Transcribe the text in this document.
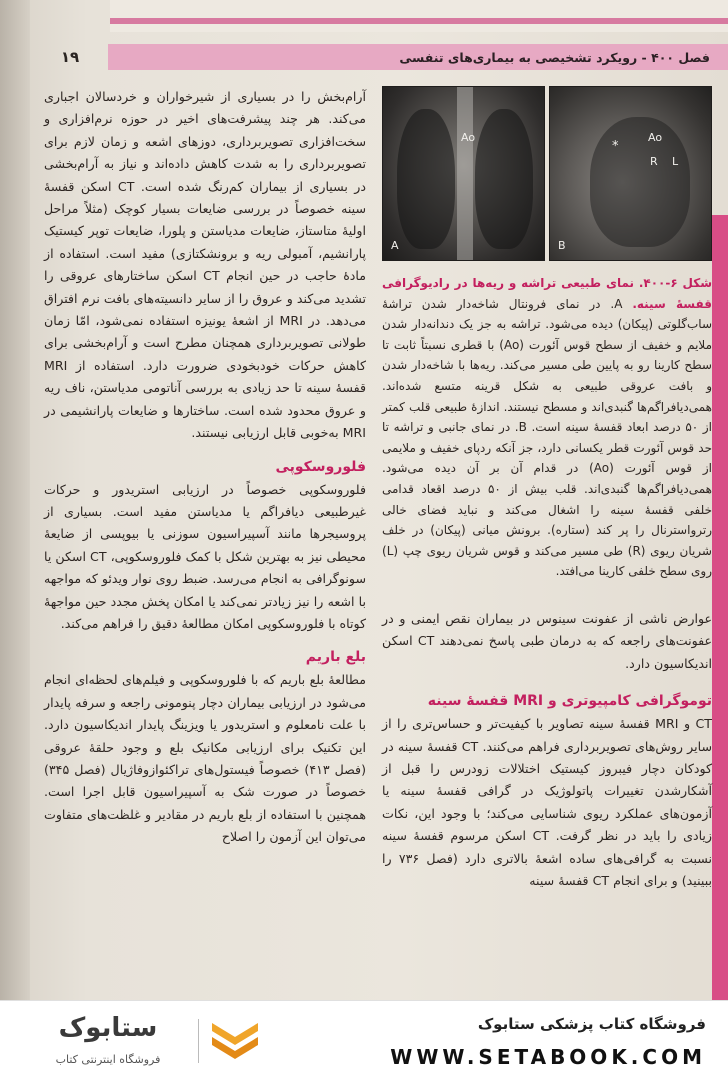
فصل ۴۰۰ - رویکرد تشخیصی به بیماری‌های تنفسی
۱۹
B
Ao
R L
*
A
Ao

شکل ۶-۴۰۰. نمای طبیعی تراشه و ریه‌ها در رادیوگرافی قفسهٔ سینه. A. در نمای فرونتال شاخه‌دار شدن تراشهٔ ساب‌گلوتی (پیکان) دیده می‌شود. تراشه به جز یک دندانه‌دار شدن ملایم و خفیف از سطح قوس آئورت (Ao) با قطری نسبتاً ثابت تا سطح کارینا رو به پایین طی مسیر می‌کند. ریه‌ها با شاخه‌دار شدن و بافت عروقی طبیعی به شکل قرینه متسع شده‌اند. همی‌دیافراگم‌ها گنبدی‌اند و مسطح نیستند. اندازهٔ طبیعی قلب کمتر از ۵۰ درصد ابعاد قفسهٔ سینه است. B. در نمای جانبی و تراشه تا حد قوس آئورت قطر یکسانی دارد، جز آنکه ردپای خفیف و ملایمی از قوس آئورت (Ao) در قدام آن بر آن دیده می‌شود. همی‌دیافراگم‌ها گنبدی‌اند. قلب بیش از ۵۰ درصد اقعاد قدامی خلفی قفسهٔ سینه را اشغال می‌کند و نباید فضای خالی رترواسترنال را پر کند (ستاره). برونش میانی (پیکان) در خلف شریان ریوی (R) طی مسیر می‌کند و قوس شریان ریوی چپ (L) روی سطح خلفی کارینا می‌افتد.

عوارض ناشی از عفونت سینوس در بیماران نقص ایمنی و در عفونت‌های راجعه که به درمان طبی پاسخ نمی‌دهند CT اسکن اندیکاسیون دارد.

توموگرافی کامپیوتری و MRI قفسهٔ سینه

CT و MRI قفسهٔ سینه تصاویر با کیفیت‌تر و حساس‌تری را از سایر روش‌های تصویربرداری فراهم می‌کنند. CT قفسهٔ سینه در کودکان دچار فیبروز کیستیک اختلالات زودرس را قبل از آشکارشدن تغییرات پاتولوژیک در گرافی قفسهٔ سینه یا آزمون‌های عملکرد ریوی شناسایی می‌کند؛ با وجود این، نکات زیادی را باید در نظر گرفت. CT اسکن مرسوم قفسهٔ سینه نسبت به گرافی‌های ساده اشعهٔ بالاتری دارد (فصل ۷۳۶ را ببینید) و برای انجام CT قفسهٔ سینه

آرام‌بخش را در بسیاری از شیرخواران و خردسالان اجباری می‌کند. هر چند پیشرفت‌های اخیر در حوزه نرم‌افزاری و سخت‌افزاری تصویربرداری، دوزهای اشعه و زمان لازم برای تصویربرداری را به شدت کاهش داده‌اند و نیاز به آرام‌بخشی در بسیاری از بیماران کم‌رنگ شده است. CT اسکن قفسهٔ سینه خصوصاً در بررسی ضایعات بسیار کوچک (مثلاً مراحل اولیهٔ متاستاز، ضایعات مدیاستن و پلورا، ضایعات توپر کیستیک پارانشیم، آمبولی ریه و برونشکتازی) مفید است. استفاده از مادهٔ حاجب در حین انجام CT اسکن ساختارهای عروقی را تشدید می‌کند و عروق را از سایر دانسیته‌های بافت نرم افتراق می‌دهد. در MRI از اشعهٔ یونیزه استفاده نمی‌شود، امّا زمان طولانی تصویربرداری همچنان مطرح است و آرام‌بخشی برای کاهش حرکات خودبخودی ضرورت دارد. استفاده از MRI قفسهٔ سینه تا حد زیادی به بررسی آناتومی مدیاستن، ناف ریه و عروق محدود شده است. ساختارها و ضایعات پارانشیمی در MRI به‌خوبی قابل ارزیابی نیستند.

فلوروسکوپی

فلوروسکوپی خصوصاً در ارزیابی استریدور و حرکات غیرطبیعی دیافراگم یا مدیاستن مفید است. بسیاری از پروسیجرها مانند آسپیراسیون سوزنی یا بیوپسی از ضایعهٔ محیطی نیز به بهترین شکل با کمک فلوروسکوپی، CT اسکن یا سونوگرافی به انجام می‌رسد. ضبط روی نوار ویدئو که مواجهه با اشعه را نیز زیادتر نمی‌کند یا امکان پخش مجدد حین مواجههٔ کوتاه با فلوروسکوپی امکان مطالعهٔ دقیق را فراهم می‌کند.

بلع باریم

مطالعهٔ بلع باریم که با فلوروسکوپی و فیلم‌های لحظه‌ای انجام می‌شود در ارزیابی بیماران دچار پنومونی راجعه و سرفه پایدار با علت نامعلوم و استریدور یا ویزینگ پایدار اندیکاسیون دارد. این تکنیک برای ارزیابی مکانیک بلع و وجود حلقهٔ عروقی (فصل ۴۱۳) خصوصاً فیستول‌های تراکئوازوفاژیال (فصل ۳۴۵) خصوصاً در صورت شک به آسپیراسیون قابل اجرا است. همچنین با استفاده از بلع باریم در مقادیر و غلظت‌های متفاوت می‌توان این آزمون را اصلاح

فروشگاه کتاب پزشکی ستابوک
WWW.SETABOOK.COM
ستابوک
فروشگاه اینترنتی کتاب
